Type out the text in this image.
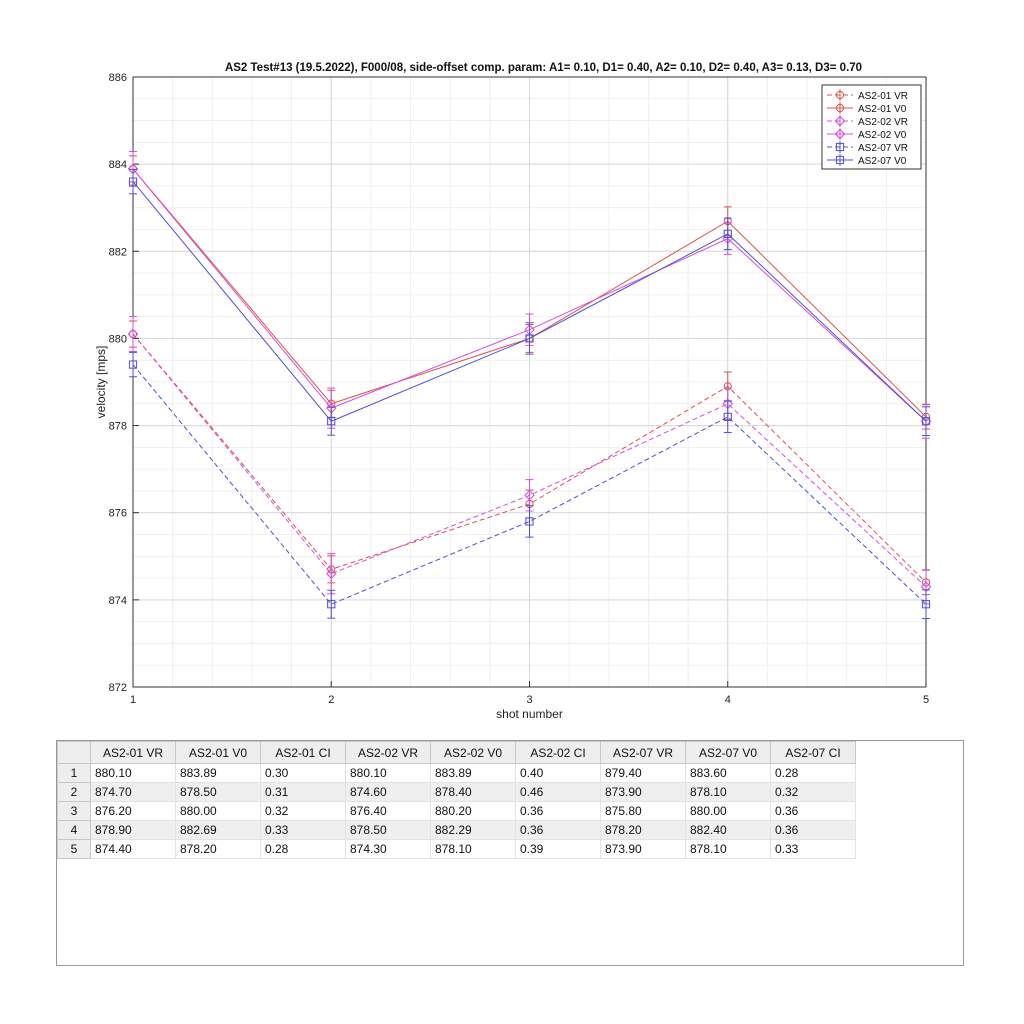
872
874
876
878
880
882
884
886
1	2	3	4	5
AS2 Test#13 (19.5.2022), F000/08, side-offset comp. param: A1= 0.10, D1= 0.40, A2= 0.10, D2= 0.40, A3= 0.13, D3= 0.70
shot number
velocity [mps]
AS2-01 VR
AS2-01 V0
AS2-02 VR
AS2-02 V0
AS2-07 VR
AS2-07 V0
	AS2-01 VR	AS2-01 V0	AS2-01 CI	AS2-02 VR	AS2-02 V0	AS2-02 CI	AS2-07 VR	AS2-07 V0	AS2-07 CI
1	880.10	883.89	0.30	880.10	883.89	0.40	879.40	883.60	0.28
2	874.70	878.50	0.31	874.60	878.40	0.46	873.90	878.10	0.32
3	876.20	880.00	0.32	876.40	880.20	0.36	875.80	880.00	0.36
4	878.90	882.69	0.33	878.50	882.29	0.36	878.20	882.40	0.36
5	874.40	878.20	0.28	874.30	878.10	0.39	873.90	878.10	0.33
